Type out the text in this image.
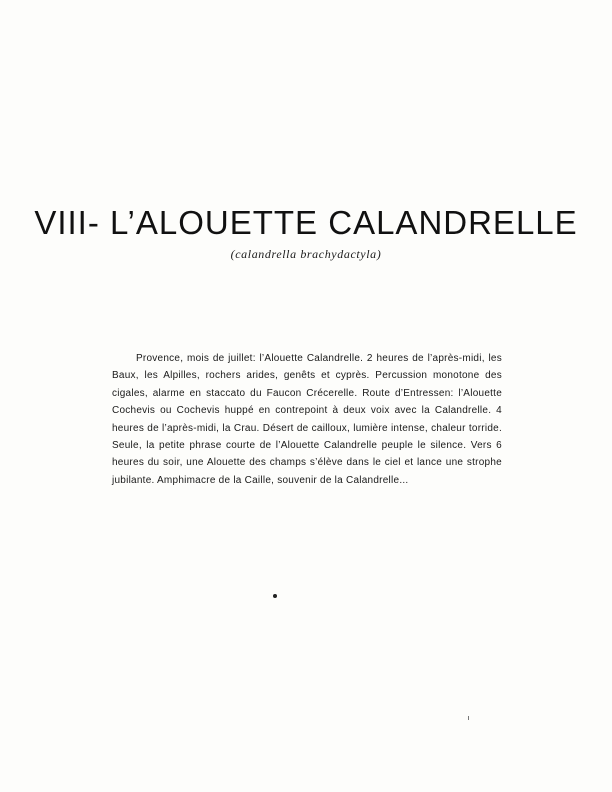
VIII- L’ALOUETTE CALANDRELLE
(calandrella brachydactyla)

Provence, mois de juillet: l’Alouette Calandrelle. 2 heures de l’après-midi, les Baux, les Alpilles, rochers arides, genêts et cyprès. Percussion monotone des cigales, alarme en staccato du Faucon Crécerelle. Route d’Entressen: l’Alouette Cochevis ou Cochevis huppé en contrepoint à deux voix avec la Calandrelle. 4 heures de l’après-midi, la Crau. Désert de cailloux, lumière intense, chaleur torride. Seule, la petite phrase courte de l’Alouette Calandrelle peuple le silence. Vers 6 heures du soir, une Alouette des champs s’élève dans le ciel et lance une strophe jubilante. Amphimacre de la Caille, souvenir de la Calandrelle...
